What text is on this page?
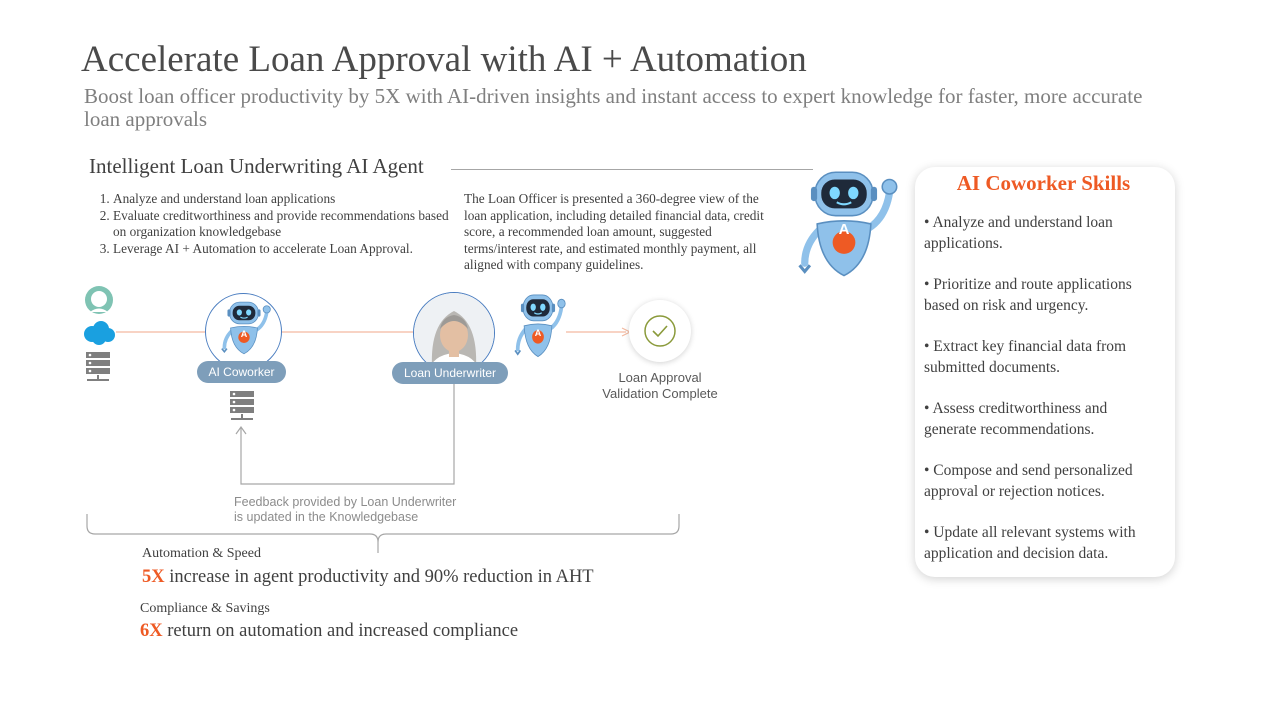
Accelerate Loan Approval with AI + Automation
Boost loan officer productivity by 5X with AI-driven insights and instant access to expert knowledge for faster, more accurate loan approvals
Intelligent Loan Underwriting AI Agent
1. Analyze and understand loan applications
2. Evaluate creditworthiness and provide recommendations based on organization knowledgebase
3. Leverage AI + Automation to accelerate Loan Approval.
The Loan Officer is presented a 360-degree view of the loan application, including detailed financial data, credit score, a recommended loan amount, suggested terms/interest rate, and estimated monthly payment, all aligned with company guidelines.
A
A
AI Coworker	Loan Underwriter
A
Loan Approval
Validation Complete
Feedback provided by Loan Underwriter
is updated in the Knowledgebase
Automation & Speed
5X increase in agent productivity and 90% reduction in AHT
Compliance & Savings
6X return on automation and increased compliance
AI Coworker Skills
• Analyze and understand loan applications.
• Prioritize and route applications based on risk and urgency.
• Extract key financial data from submitted documents.
• Assess creditworthiness and generate recommendations.
• Compose and send personalized approval or rejection notices.
• Update all relevant systems with application and decision data.
